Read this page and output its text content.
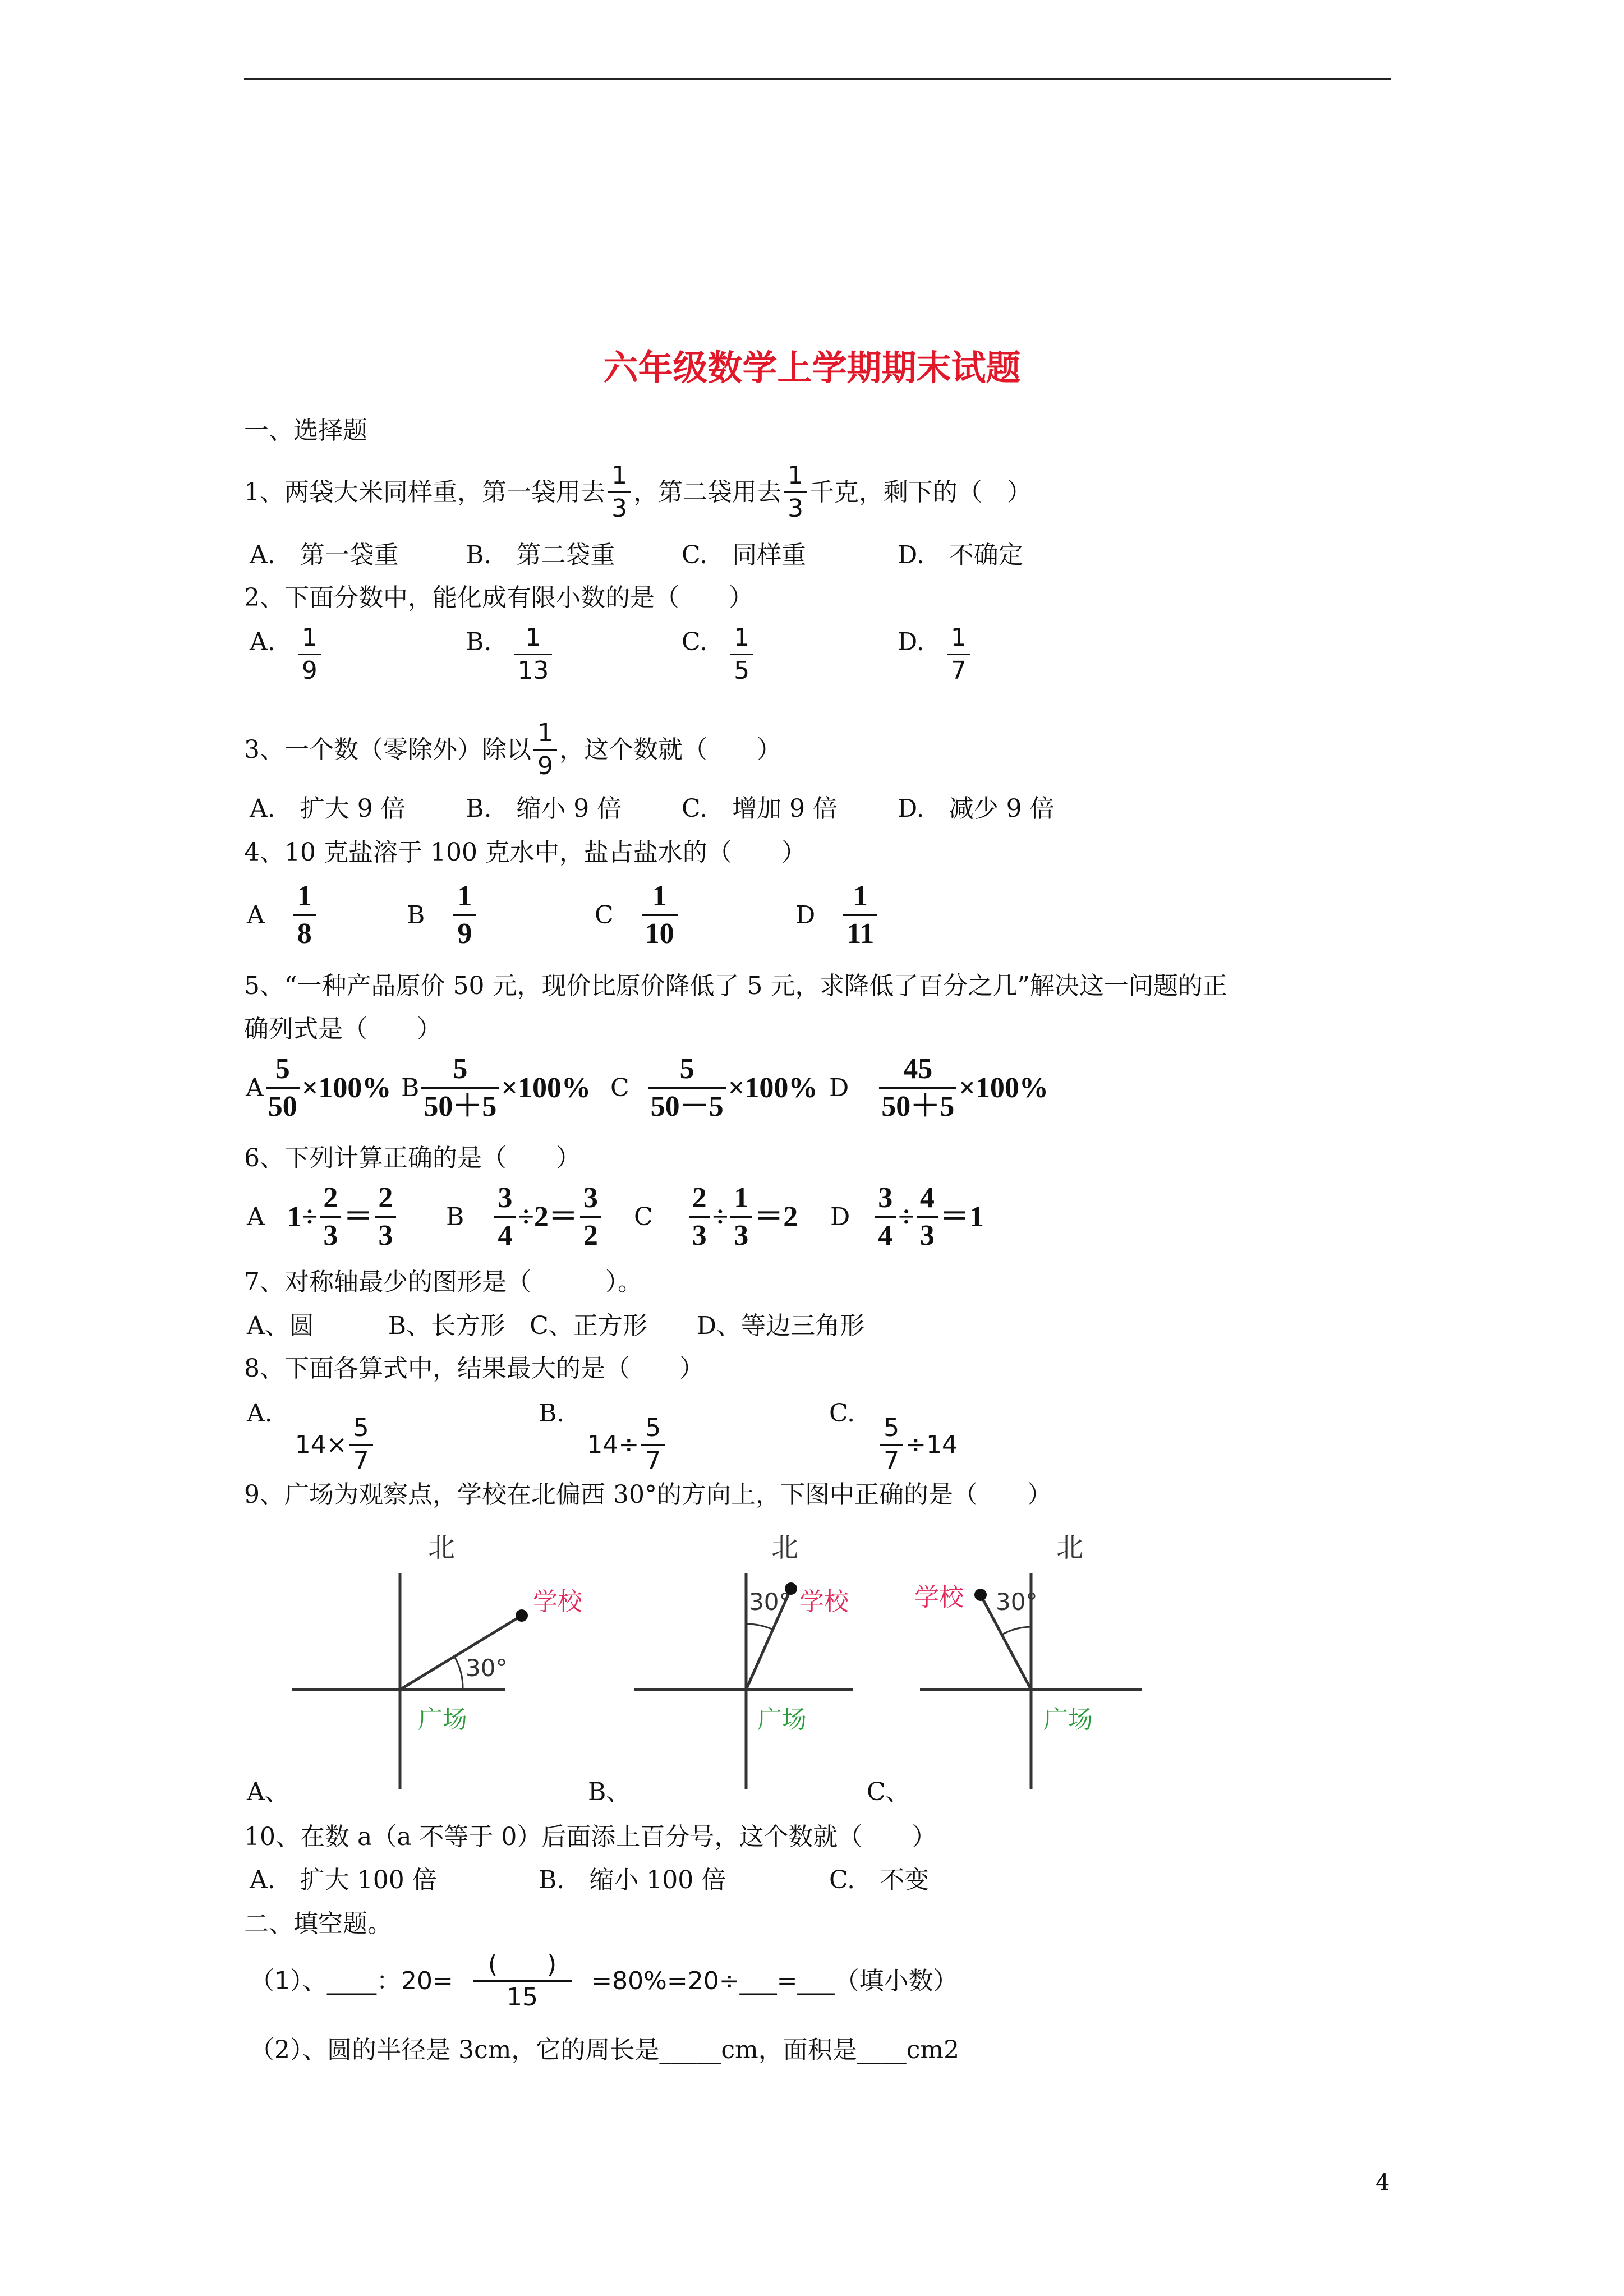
六年级数学上学期期末试题
一、选择题
1、两袋大米同样重，第一袋用去 $\frac{1}{3}$ ，第二袋用去 $\frac{1}{3}$ 千克，剩下的（　）
A.　第一袋重	B.　第二袋重	C.　同样重	D.　不确定
2、下面分数中，能化成有限小数的是（　　）
A. $\frac{1}{9}$	B. $\frac{1}{13}$	C. $\frac{1}{5}$	D. $\frac{1}{7}$
3、一个数（零除外）除以 $\frac{1}{9}$ ，这个数就（　　）
A.　扩大 9 倍 B.　缩小 9 倍 C.　增加 9 倍 D.　减少 9 倍
4、10 克盐溶于 100 克水中，盐占盐水的（　　）
A $\frac{1}{8}$	B $\frac{1}{9}$	C $\frac{1}{10}$	D $\frac{1}{11}$
5、“一种产品原价 50 元，现价比原价降低了 5 元，求降低了百分之几”解决这一问题的正
确列式是（　　）
A $\frac{5}{50} \times 100\%$ B $\frac{5}{50+5} \times 100\%$ C $\frac{5}{50-5} \times 100\%$ D $\frac{45}{50+5} \times 100\%$
6、下列计算正确的是（　　）
A $1\div \frac{2}{3} = \frac{2}{3}$ B $\frac{3}{4} \div 2= \frac{3}{2}$ C $\frac{2}{3} \div \frac{1}{3} =2$ D $\frac{3}{4} \div \frac{4}{3} =1$
7、对称轴最少的图形是（　　　）。
A、圆　　　B、长方形　C、正方形　　D、等边三角形
8、下面各算式中，结果最大的是（　　）
A.
$14\times \frac{5}{7}$
B.
$14\div \frac{5}{7}$
C.
$\frac{5}{7} \div 14$
9、广场为观察点，学校在北偏西 30°的方向上，下图中正确的是（　　）
北
30°
学校
广场
北
30° 学校
广场
北
30°
学校
广场
A、	B、	C、
10、在数 a（a 不等于 0）后面添上百分号，这个数就（　　）
A.　扩大 100 倍	B.　缩小 100 倍	C.　不变
二、填空题。
（1）、____：$20= \frac{( )}{15}$ =80%=20÷___=___（填小数）
（2）、圆的半径是 3cm，它的周长是_____cm，面积是____cm2
4
